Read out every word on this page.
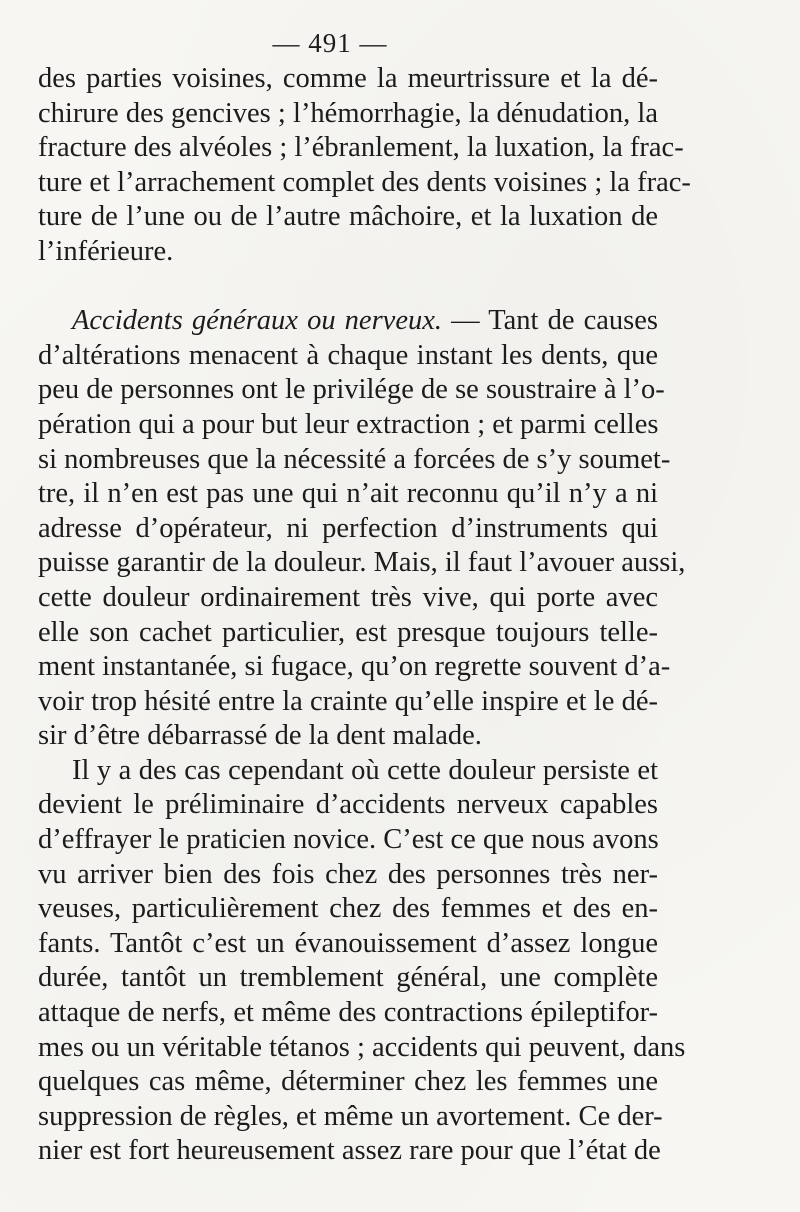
— 491 —
des parties voisines, comme la meurtrissure et la dé-
chirure des gencives ; l’hémorrhagie, la dénudation, la
fracture des alvéoles ; l’ébranlement, la luxation, la frac-
ture et l’arrachement complet des dents voisines ; la frac-
ture de l’une ou de l’autre mâchoire, et la luxation de
l’inférieure.
Accidents généraux ou nerveux. — Tant de causes
d’altérations menacent à chaque instant les dents, que
peu de personnes ont le privilége de se soustraire à l’o-
pération qui a pour but leur extraction ; et parmi celles
si nombreuses que la nécessité a forcées de s’y soumet-
tre, il n’en est pas une qui n’ait reconnu qu’il n’y a ni
adresse d’opérateur, ni perfection d’instruments qui
puisse garantir de la douleur. Mais, il faut l’avouer aussi,
cette douleur ordinairement très vive, qui porte avec
elle son cachet particulier, est presque toujours telle-
ment instantanée, si fugace, qu’on regrette souvent d’a-
voir trop hésité entre la crainte qu’elle inspire et le dé-
sir d’être débarrassé de la dent malade.
Il y a des cas cependant où cette douleur persiste et
devient le préliminaire d’accidents nerveux capables
d’effrayer le praticien novice. C’est ce que nous avons
vu arriver bien des fois chez des personnes très ner-
veuses, particulièrement chez des femmes et des en-
fants. Tantôt c’est un évanouissement d’assez longue
durée, tantôt un tremblement général, une complète
attaque de nerfs, et même des contractions épileptifor-
mes ou un véritable tétanos ; accidents qui peuvent, dans
quelques cas même, déterminer chez les femmes une
suppression de règles, et même un avortement. Ce der-
nier est fort heureusement assez rare pour que l’état de
